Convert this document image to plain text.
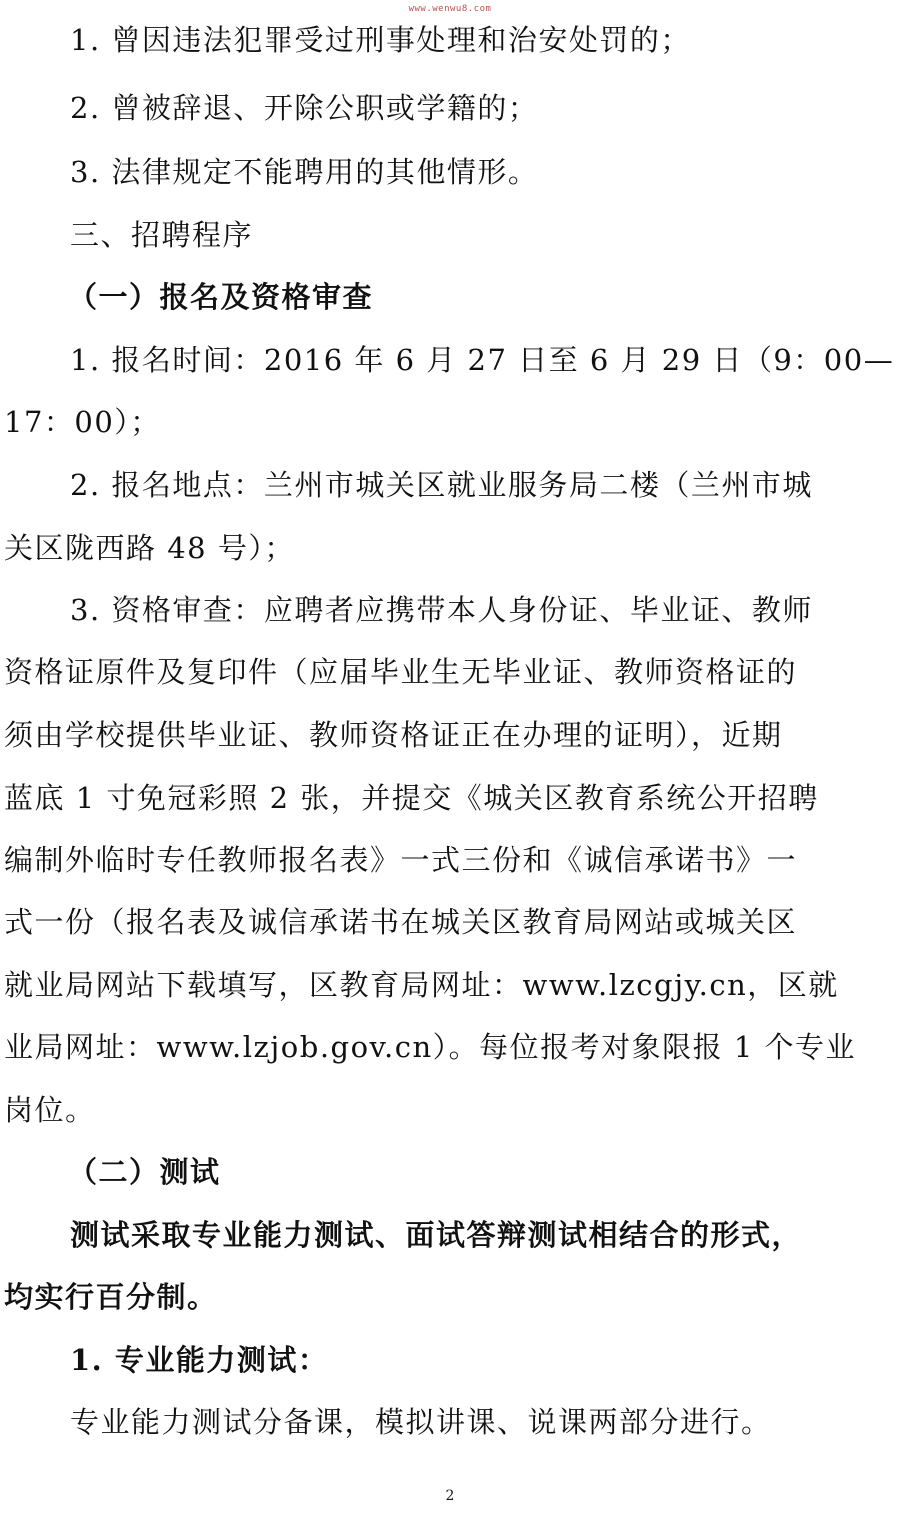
www.wenwu8.com
1. 曾因违法犯罪受过刑事处理和治安处罚的；
2. 曾被辞退、开除公职或学籍的；
3. 法律规定不能聘用的其他情形。
三、招聘程序
（一）报名及资格审查
1. 报名时间：2016 年 6 月 27 日至 6 月 29 日（9：00—
17：00）；
2. 报名地点：兰州市城关区就业服务局二楼（兰州市城
关区陇西路 48 号）；
3. 资格审查：应聘者应携带本人身份证、毕业证、教师
资格证原件及复印件（应届毕业生无毕业证、教师资格证的
须由学校提供毕业证、教师资格证正在办理的证明），近期
蓝底 1 寸免冠彩照 2 张，并提交《城关区教育系统公开招聘
编制外临时专任教师报名表》一式三份和《诚信承诺书》一
式一份（报名表及诚信承诺书在城关区教育局网站或城关区
就业局网站下载填写，区教育局网址：www.lzcgjy.cn，区就
业局网址：www.lzjob.gov.cn）。每位报考对象限报 1 个专业
岗位。
（二）测试
测试采取专业能力测试、面试答辩测试相结合的形式，
均实行百分制。
1. 专业能力测试：
专业能力测试分备课，模拟讲课、说课两部分进行。
2
